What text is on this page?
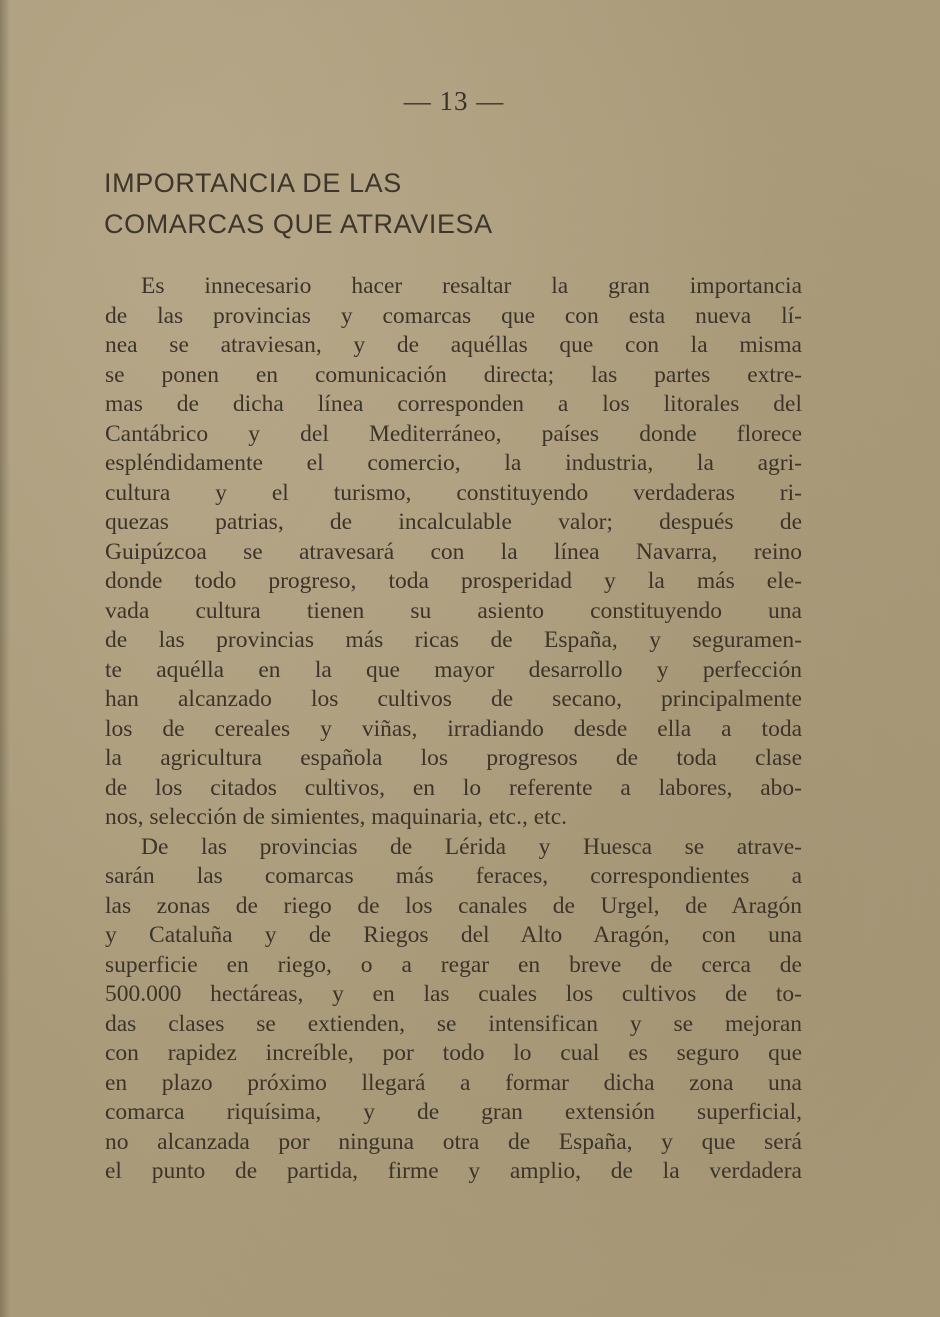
— 13 —
IMPORTANCIA DE LAS
COMARCAS QUE ATRAVIESA
Es innecesario hacer resaltar la gran importancia
de las provincias y comarcas que con esta nueva lí-
nea se atraviesan, y de aquéllas que con la misma
se ponen en comunicación directa; las partes extre-
mas de dicha línea corresponden a los litorales del
Cantábrico y del Mediterráneo, países donde florece
espléndidamente el comercio, la industria, la agri-
cultura y el turismo, constituyendo verdaderas ri-
quezas patrias, de incalculable valor; después de
Guipúzcoa se atravesará con la línea Navarra, reino
donde todo progreso, toda prosperidad y la más ele-
vada cultura tienen su asiento constituyendo una
de las provincias más ricas de España, y seguramen-
te aquélla en la que mayor desarrollo y perfección
han alcanzado los cultivos de secano, principalmente
los de cereales y viñas, irradiando desde ella a toda
la agricultura española los progresos de toda clase
de los citados cultivos, en lo referente a labores, abo-
nos, selección de simientes, maquinaria, etc., etc.
De las provincias de Lérida y Huesca se atrave-
sarán las comarcas más feraces, correspondientes a
las zonas de riego de los canales de Urgel, de Aragón
y Cataluña y de Riegos del Alto Aragón, con una
superficie en riego, o a regar en breve de cerca de
500.000 hectáreas, y en las cuales los cultivos de to-
das clases se extienden, se intensifican y se mejoran
con rapidez increíble, por todo lo cual es seguro que
en plazo próximo llegará a formar dicha zona una
comarca riquísima, y de gran extensión superficial,
no alcanzada por ninguna otra de España, y que será
el punto de partida, firme y amplio, de la verdadera
